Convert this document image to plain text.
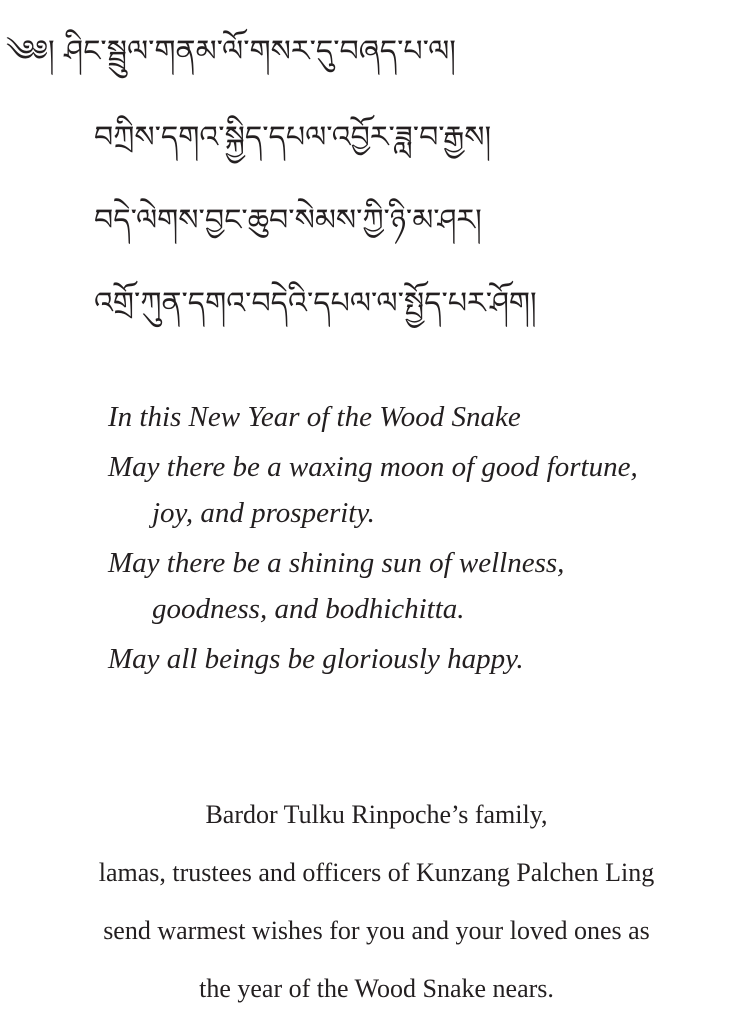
༄༅། ཤིང་སྦྲུལ་གནམ་ལོ་གསར་དུ་བཞད་པ་ལ།
བཀྲིས་དགའ་སྐྱིད་དཔལ་འབྱོར་ཟླ་བ་རྒྱས།
བདེ་ལེགས་བྱང་ཆུབ་སེམས་ཀྱི་ཉི་མ་ཤར།
འགྲོ་ཀུན་དགའ་བདེའི་དཔལ་ལ་སྤྱོད་པར་ཤོག།
In this New Year of the Wood Snake
May there be a waxing moon of good fortune,
joy, and prosperity.
May there be a shining sun of wellness,
goodness, and bodhichitta.
May all beings be gloriously happy.
Bardor Tulku Rinpoche’s family,
lamas, trustees and officers of Kunzang Palchen Ling
send warmest wishes for you and your loved ones as
the year of the Wood Snake nears.
